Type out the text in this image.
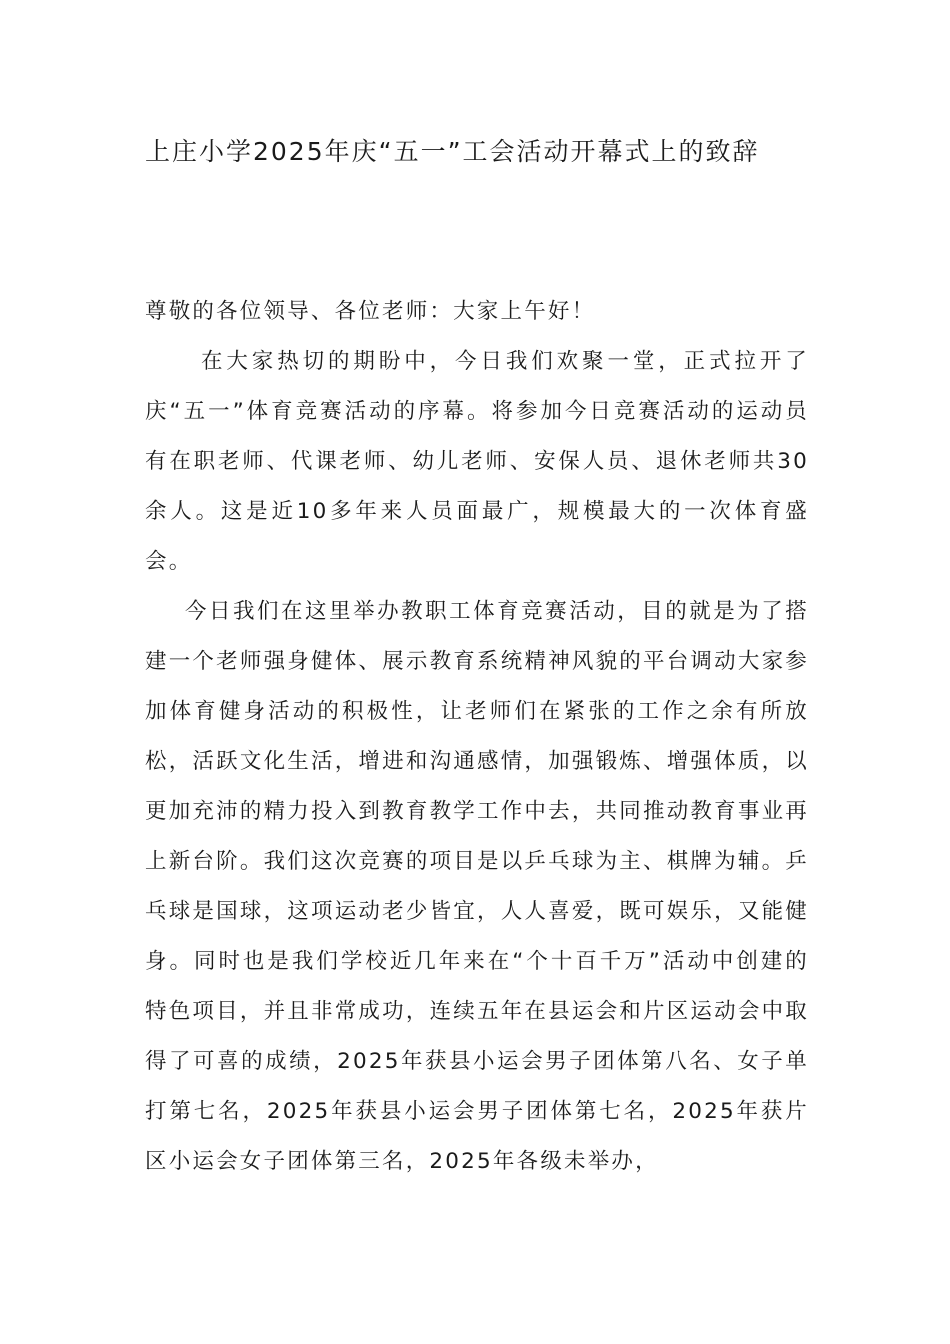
上庄小学2025年庆“五一”工会活动开幕式上的致辞

尊敬的各位领导、各位老师：大家上午好！

在大家热切的期盼中，今日我们欢聚一堂，正式拉开了庆“五一”体育竞赛活动的序幕。将参加今日竞赛活动的运动员有在职老师、代课老师、幼儿老师、安保人员、退休老师共30余人。这是近10多年来人员面最广，规模最大的一次体育盛会。

今日我们在这里举办教职工体育竞赛活动，目的就是为了搭建一个老师强身健体、展示教育系统精神风貌的平台调动大家参加体育健身活动的积极性，让老师们在紧张的工作之余有所放松，活跃文化生活，增进和沟通感情，加强锻炼、增强体质，以更加充沛的精力投入到教育教学工作中去，共同推动教育事业再上新台阶。我们这次竞赛的项目是以乒乓球为主、棋牌为辅。乒乓球是国球，这项运动老少皆宜，人人喜爱，既可娱乐，又能健身。同时也是我们学校近几年来在“个十百千万”活动中创建的特色项目，并且非常成功，连续五年在县运会和片区运动会中取得了可喜的成绩，2025年获县小运会男子团体第八名、女子单打第七名，2025年获县小运会男子团体第七名，2025年获片区小运会女子团体第三名，2025年各级未举办，
